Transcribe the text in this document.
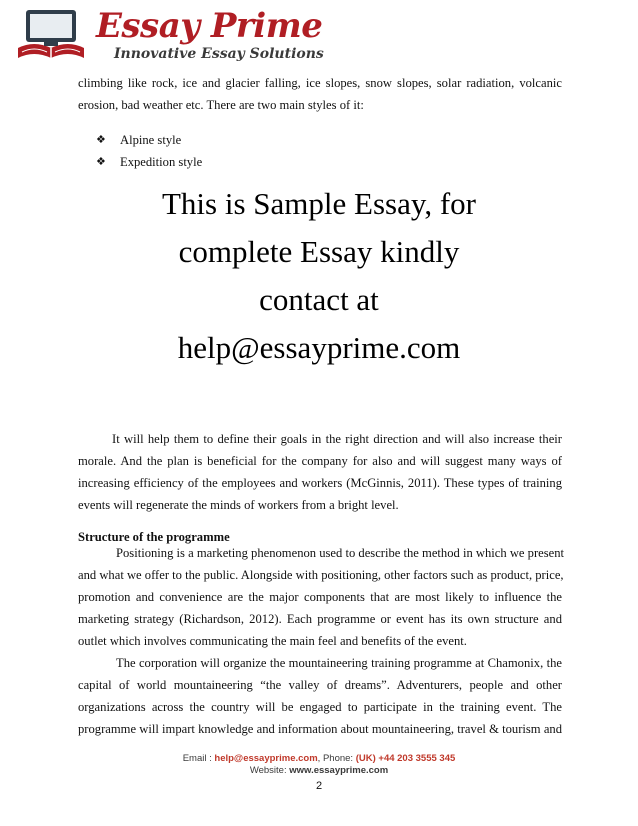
Essay Prime
Innovative Essay Solutions

climbing like rock, ice and glacier falling, ice slopes, snow slopes, solar radiation, volcanic
erosion, bad weather etc. There are two main styles of it:

❖	Alpine style
❖	Expedition style
This is Sample Essay, for
complete Essay kindly
contact at
help@essayprime.com

It will help them to define their goals in the right direction and will also increase their
morale. And the plan is beneficial for the company for also and will suggest many ways of
increasing efficiency of the employees and workers (McGinnis, 2011). These types of training
events will regenerate the minds of workers from a bright level.

Structure of the programme

Positioning is a marketing phenomenon used to describe the method in which we present
and what we offer to the public. Alongside with positioning, other factors such as product, price,
promotion and convenience are the major components that are most likely to influence the
marketing strategy (Richardson, 2012). Each programme or event has its own structure and
outlet which involves communicating the main feel and benefits of the event.

The corporation will organize the mountaineering training programme at Chamonix, the
capital of world mountaineering “the valley of dreams”. Adventurers, people and other
organizations across the country will be engaged to participate in the training event. The
programme will impart knowledge and information about mountaineering, travel & tourism and

Email : help@essayprime.com, Phone: (UK) +44 203 3555 345
Website: www.essayprime.com
2
